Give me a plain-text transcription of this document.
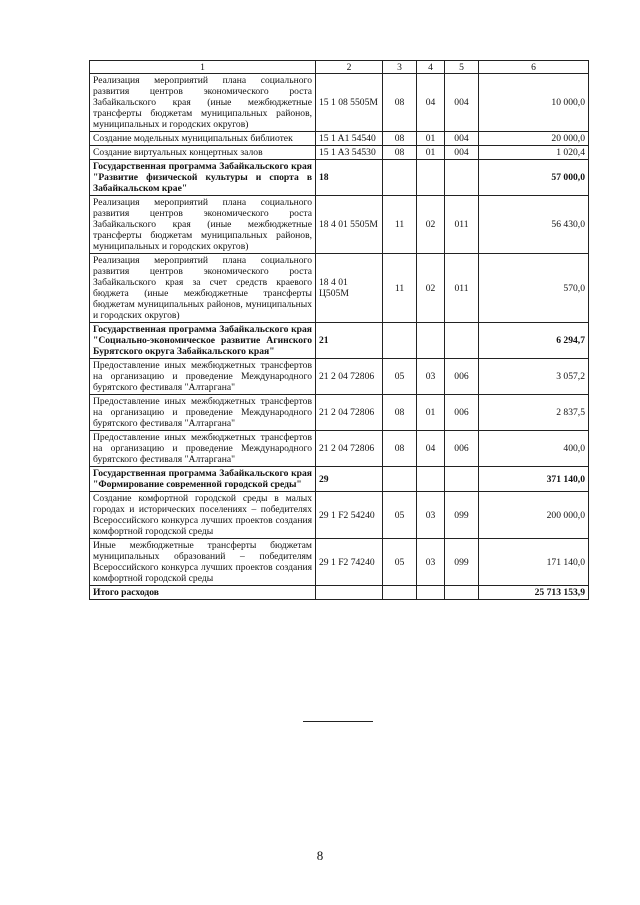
1	2	3	4	5	6
Реализация мероприятий плана социального развития центров экономического роста Забайкальского края (иные межбюджетные трансферты бюджетам муниципальных районов, муниципальных и городских округов)	15 1 08 5505M	08	04	004	10 000,0
Создание модельных муниципальных библиотек	15 1 A1 54540	08	01	004	20 000,0
Создание виртуальных концертных залов	15 1 A3 54530	08	01	004	1 020,4
Государственная программа Забайкальского края "Развитие физической культуры и спорта в Забайкальском крае"	18				57 000,0
Реализация мероприятий плана социального развития центров экономического роста Забайкальского края (иные межбюджетные трансферты бюджетам муниципальных районов, муниципальных и городских округов)	18 4 01 5505M	11	02	011	56 430,0
Реализация мероприятий плана социального развития центров экономического роста Забайкальского края за счет средств краевого бюджета (иные межбюджетные трансферты бюджетам муниципальных районов, муниципальных и городских округов)	18 4 01 Ц505M	11	02	011	570,0
Государственная программа Забайкальского края "Социально-экономическое развитие Агинского Бурятского округа Забайкальского края"	21				6 294,7
Предоставление иных межбюджетных трансфертов на организацию и проведение Международного бурятского фестиваля "Алтаргана"	21 2 04 72806	05	03	006	3 057,2
Предоставление иных межбюджетных трансфертов на организацию и проведение Международного бурятского фестиваля "Алтаргана"	21 2 04 72806	08	01	006	2 837,5
Предоставление иных межбюджетных трансфертов на организацию и проведение Международного бурятского фестиваля "Алтаргана"	21 2 04 72806	08	04	006	400,0
Государственная программа Забайкальского края "Формирование современной городской среды"	29				371 140,0
Создание комфортной городской среды в малых городах и исторических поселениях – победителях Всероссийского конкурса лучших проектов создания комфортной городской среды	29 1 F2 54240	05	03	099	200 000,0
Иные межбюджетные трансферты бюджетам муниципальных образований – победителям Всероссийского конкурса лучших проектов создания комфортной городской среды	29 1 F2 74240	05	03	099	171 140,0
Итого расходов					25 713 153,9
8
